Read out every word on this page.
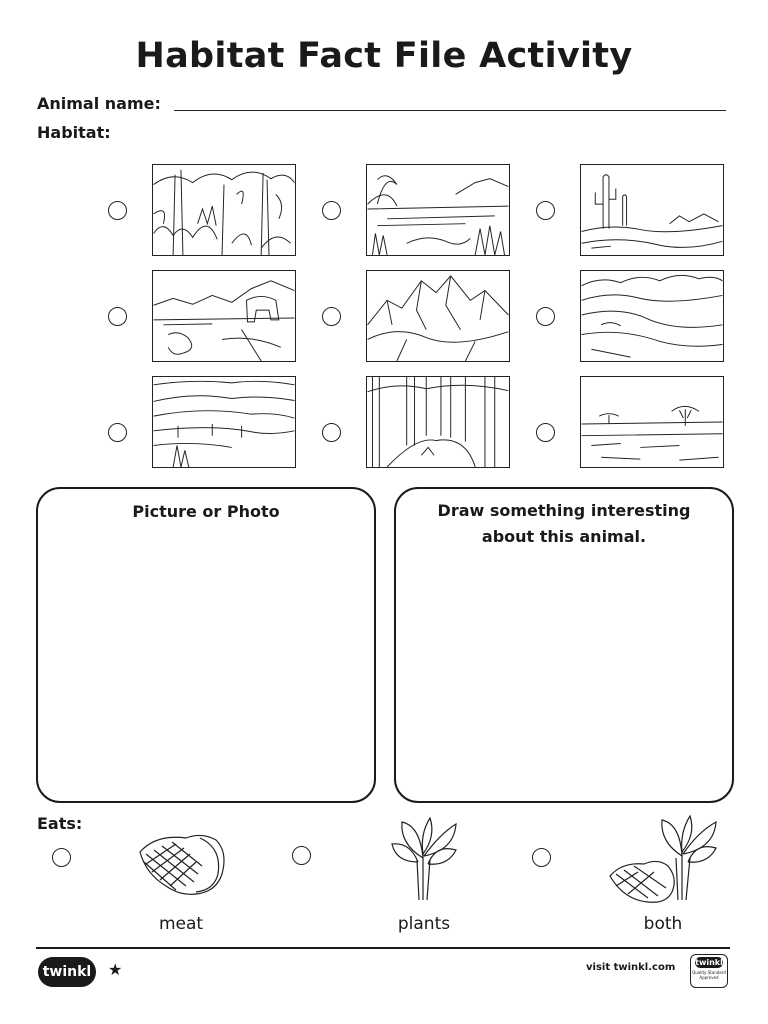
Habitat Fact File Activity
Animal name:
Habitat:
Picture or Photo	Draw something interesting
about this animal.
Eats:
meat	plants	both
twinkl ★	visit twinkl.com twinkl
Quality Standard Approved
